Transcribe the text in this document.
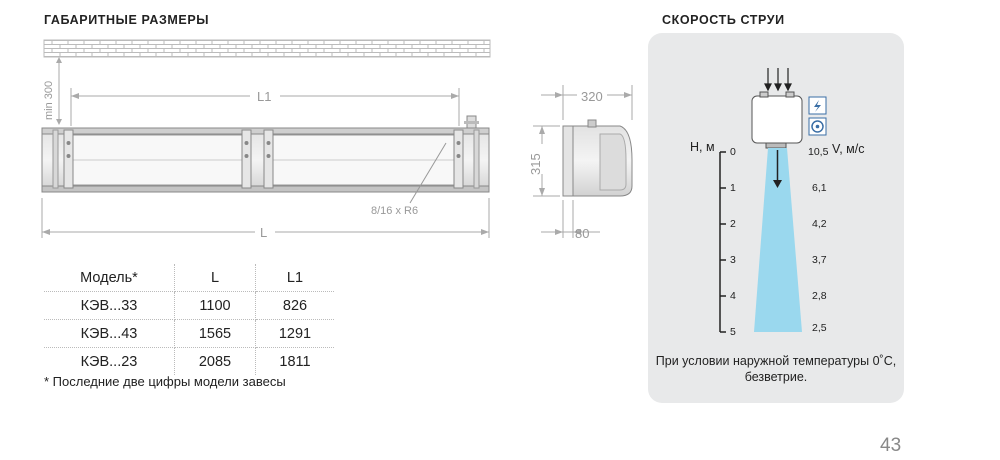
ГАБАРИТНЫЕ РАЗМЕРЫ	СКОРОСТЬ СТРУИ
min 300	L1
8/16 x R6
L
320
315
80
Модель*	L	L1
КЭВ...33	1100	826
КЭВ...43	1565	1291
КЭВ...23	2085	1811
* Последние две цифры модели завесы
Н, м	V, м/с
0
1
2
3
4
5
10,5
6,1
4,2
3,7
2,8
2,5
При условии наружной температуры 0˚С, безветрие.
43
